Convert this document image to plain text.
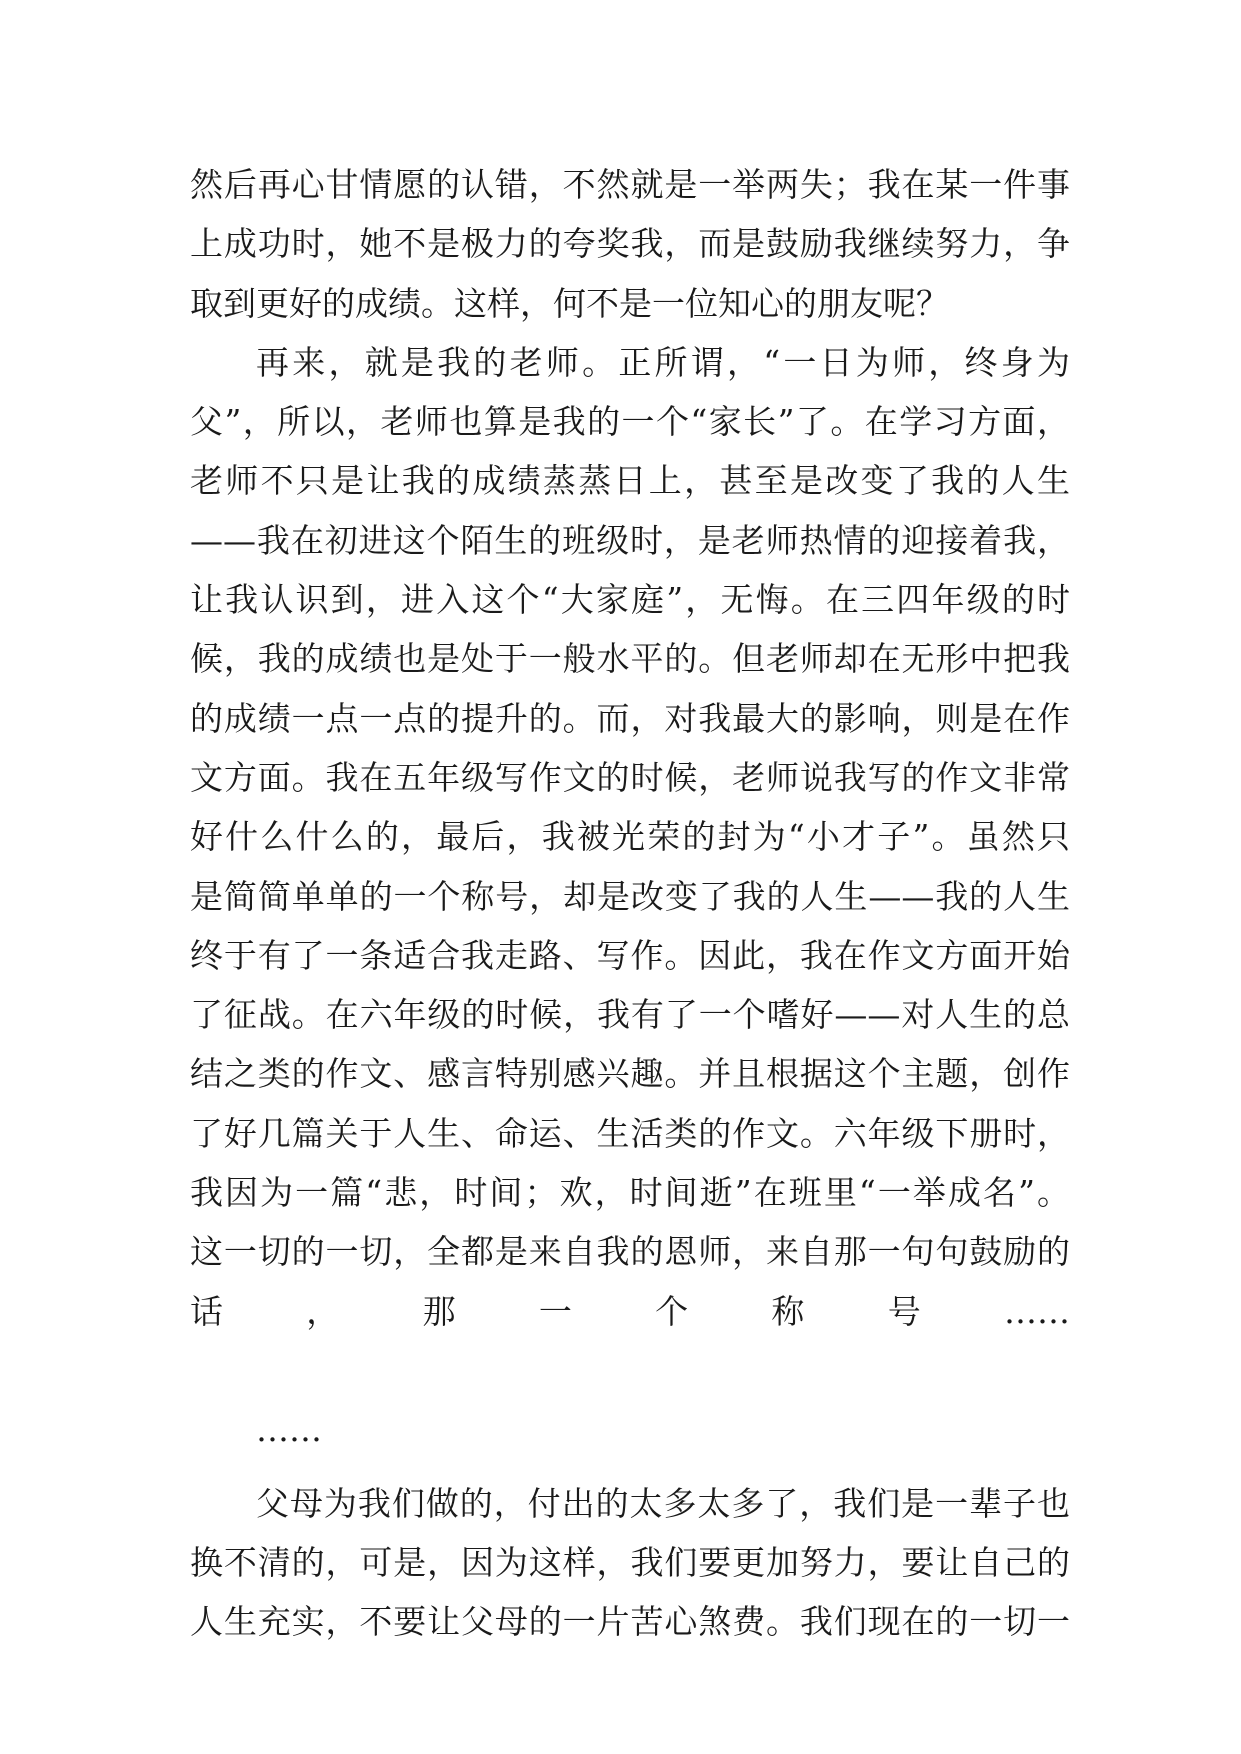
然后再心甘情愿的认错，不然就是一举两失；我在某一件事
上成功时，她不是极力的夸奖我，而是鼓励我继续努力，争
取到更好的成绩。这样，何不是一位知心的朋友呢？
再来，就是我的老师。正所谓，“一日为师，终身为
父”，所以，老师也算是我的一个“家长”了。在学习方面，
老师不只是让我的成绩蒸蒸日上，甚至是改变了我的人生
——我在初进这个陌生的班级时，是老师热情的迎接着我，
让我认识到，进入这个“大家庭”，无悔。在三四年级的时
候，我的成绩也是处于一般水平的。但老师却在无形中把我
的成绩一点一点的提升的。而，对我最大的影响，则是在作
文方面。我在五年级写作文的时候，老师说我写的作文非常
好什么什么的，最后，我被光荣的封为“小才子”。虽然只
是简简单单的一个称号，却是改变了我的人生——我的人生
终于有了一条适合我走路、写作。因此，我在作文方面开始
了征战。在六年级的时候，我有了一个嗜好——对人生的总
结之类的作文、感言特别感兴趣。并且根据这个主题，创作
了好几篇关于人生、命运、生活类的作文。六年级下册时，
我因为一篇“悲，时间；欢，时间逝”在班里“一举成名”。
这一切的一切，全都是来自我的恩师，来自那一句句鼓励的
话，那一个称号……
……
父母为我们做的，付出的太多太多了，我们是一辈子也
换不清的，可是，因为这样，我们要更加努力，要让自己的
人生充实，不要让父母的一片苦心煞费。我们现在的一切一
